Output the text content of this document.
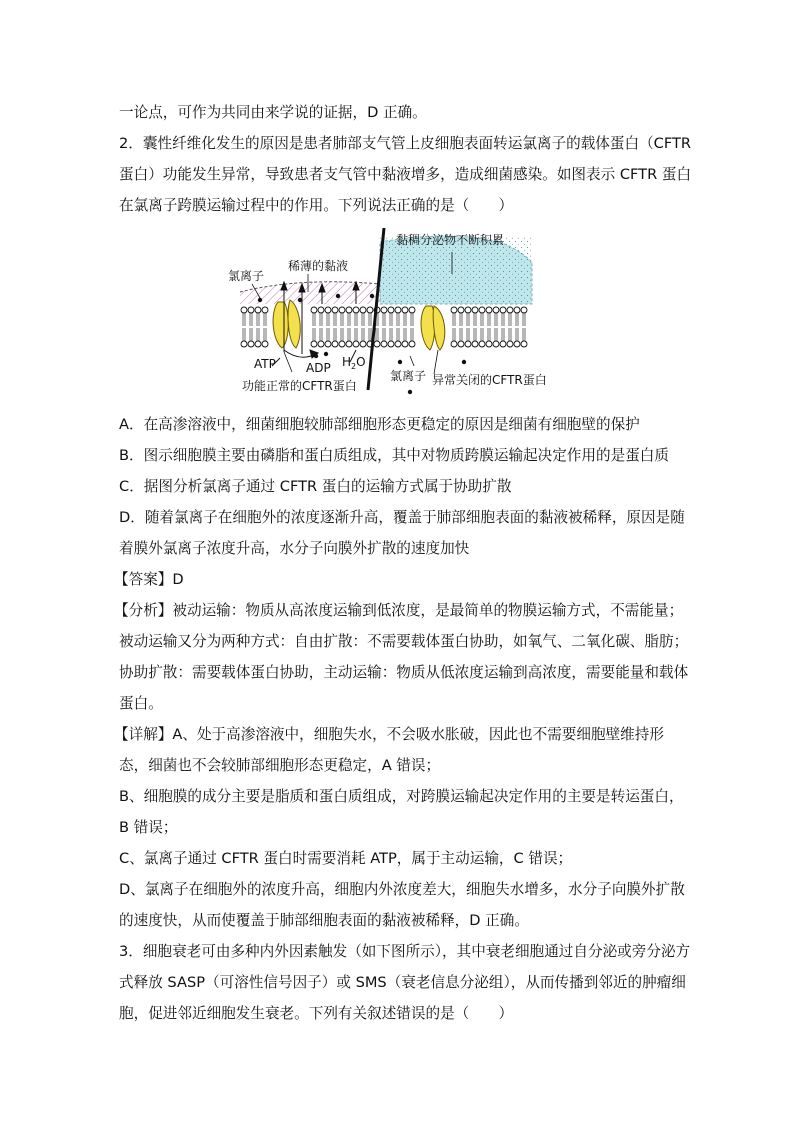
一论点，可作为共同由来学说的证据，D 正确。
2．囊性纤维化发生的原因是患者肺部支气管上皮细胞表面转运氯离子的载体蛋白（CFTR
蛋白）功能发生异常，导致患者支气管中黏液增多，造成细菌感染。如图表示 CFTR 蛋白
在氯离子跨膜运输过程中的作用。下列说法正确的是（　　）
氯离子
稀薄的黏液
黏稠分泌物不断积累
ATP	ADP $H_2O$
功能正常的CFTR蛋白
氯离子 异常关闭的CFTR蛋白
A．在高渗溶液中，细菌细胞较肺部细胞形态更稳定的原因是细菌有细胞壁的保护
B．图示细胞膜主要由磷脂和蛋白质组成，其中对物质跨膜运输起决定作用的是蛋白质
C．据图分析氯离子通过 CFTR 蛋白的运输方式属于协助扩散
D．随着氯离子在细胞外的浓度逐渐升高，覆盖于肺部细胞表面的黏液被稀释，原因是随
着膜外氯离子浓度升高，水分子向膜外扩散的速度加快
【答案】D
【分析】被动运输：物质从高浓度运输到低浓度，是最简单的物膜运输方式，不需能量；
被动运输又分为两种方式：自由扩散：不需要载体蛋白协助，如氧气、二氧化碳、脂肪；
协助扩散：需要载体蛋白协助，主动运输：物质从低浓度运输到高浓度，需要能量和载体
蛋白。
【详解】A、处于高渗溶液中，细胞失水，不会吸水胀破，因此也不需要细胞壁维持形
态，细菌也不会较肺部细胞形态更稳定，A 错误；
B、细胞膜的成分主要是脂质和蛋白质组成，对跨膜运输起决定作用的主要是转运蛋白，
B 错误；
C、氯离子通过 CFTR 蛋白时需要消耗 ATP，属于主动运输，C 错误；
D、氯离子在细胞外的浓度升高，细胞内外浓度差大，细胞失水增多，水分子向膜外扩散
的速度快，从而使覆盖于肺部细胞表面的黏液被稀释，D 正确。
3．细胞衰老可由多种内外因素触发（如下图所示），其中衰老细胞通过自分泌或旁分泌方
式释放 SASP（可溶性信号因子）或 SMS（衰老信息分泌组），从而传播到邻近的肿瘤细
胞，促进邻近细胞发生衰老。下列有关叙述错误的是（　　）
